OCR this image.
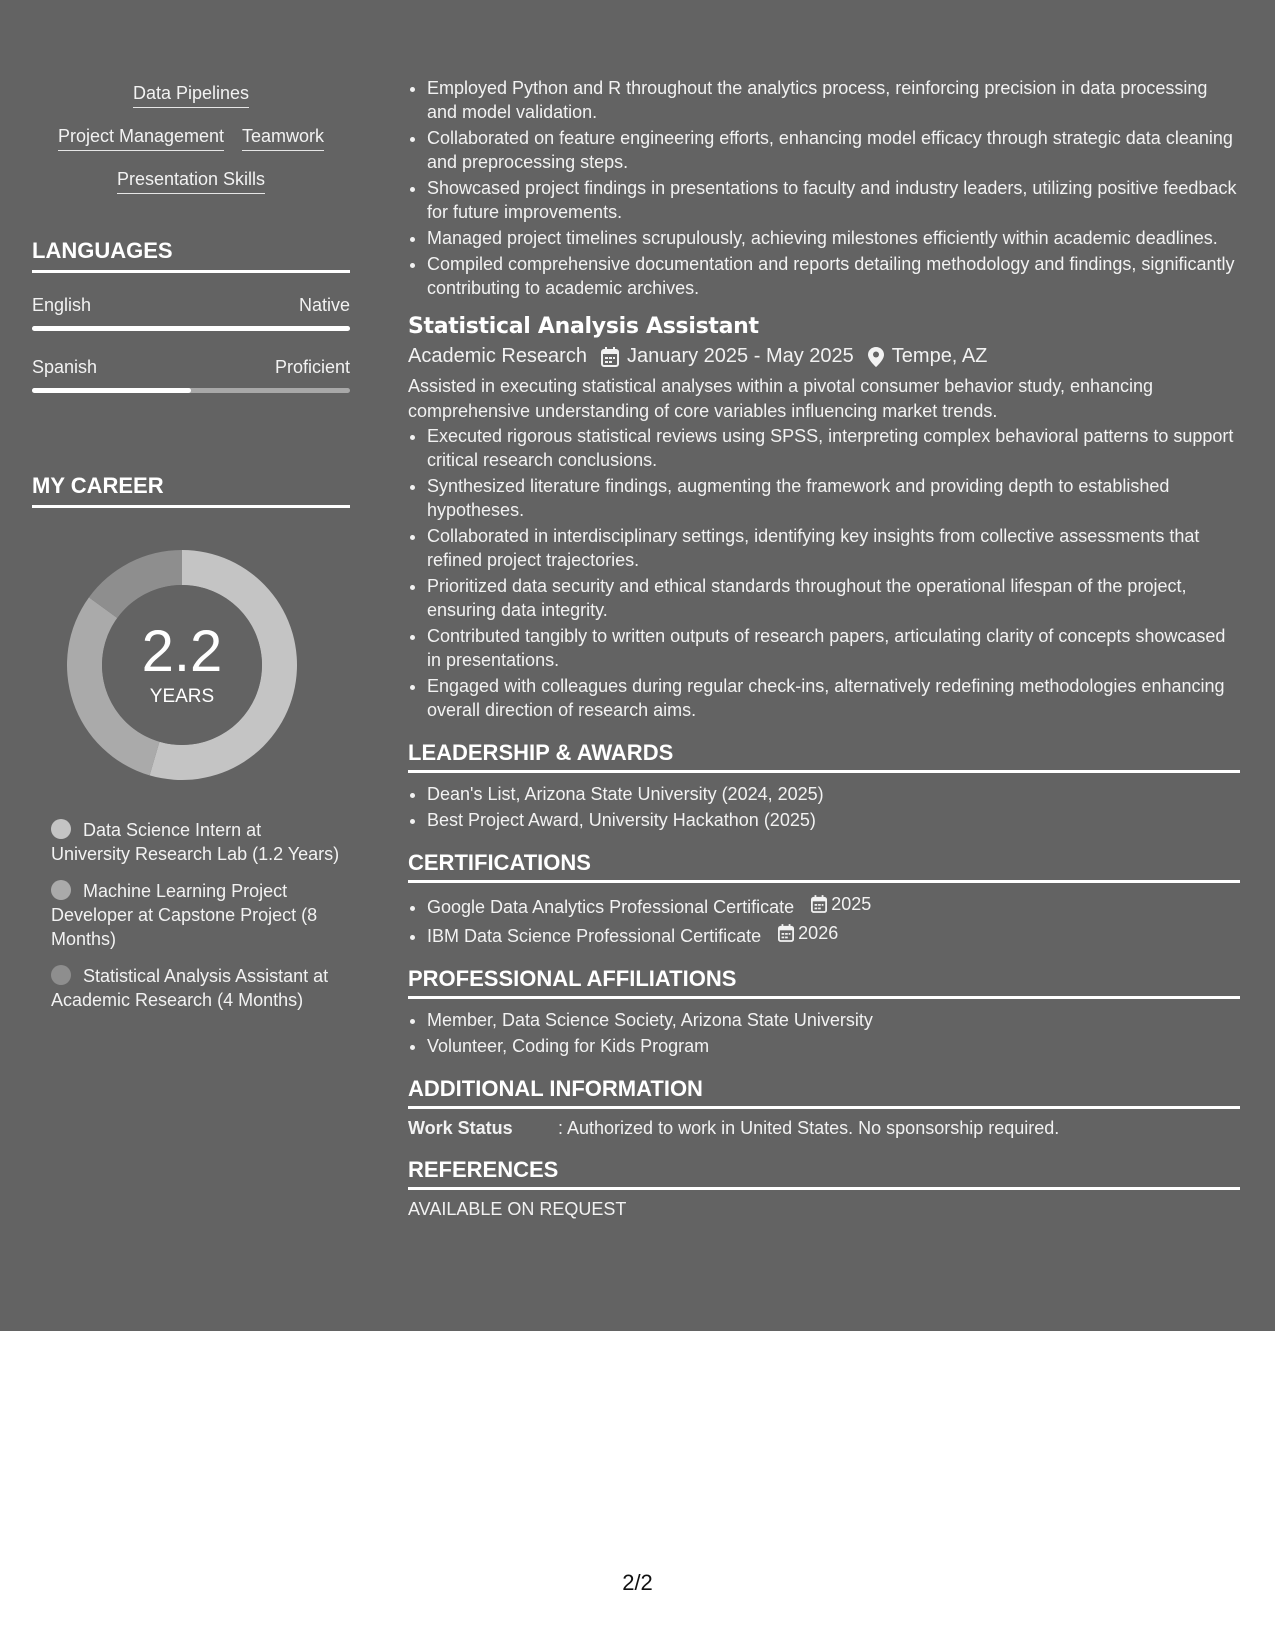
Data Pipelines
Project Management Teamwork
Presentation Skills
LANGUAGES
English	Native
Spanish	Proficient
MY CAREER
2.2
YEARS
Data Science Intern at University Research Lab (1.2 Years)
Machine Learning Project Developer at Capstone Project (8 Months)
Statistical Analysis Assistant at Academic Research (4 Months)
• Employed Python and R throughout the analytics process, reinforcing precision in data processing and model validation.
• Collaborated on feature engineering efforts, enhancing model efficacy through strategic data cleaning and preprocessing steps.
• Showcased project findings in presentations to faculty and industry leaders, utilizing positive feedback for future improvements.
• Managed project timelines scrupulously, achieving milestones efficiently within academic deadlines.
• Compiled comprehensive documentation and reports detailing methodology and findings, significantly contributing to academic archives.
Statistical Analysis Assistant
Academic Research January 2025 - May 2025 Tempe, AZ
Assisted in executing statistical analyses within a pivotal consumer behavior study, enhancing comprehensive understanding of core variables influencing market trends.
• Executed rigorous statistical reviews using SPSS, interpreting complex behavioral patterns to support critical research conclusions.
• Synthesized literature findings, augmenting the framework and providing depth to established hypotheses.
• Collaborated in interdisciplinary settings, identifying key insights from collective assessments that refined project trajectories.
• Prioritized data security and ethical standards throughout the operational lifespan of the project, ensuring data integrity.
• Contributed tangibly to written outputs of research papers, articulating clarity of concepts showcased in presentations.
• Engaged with colleagues during regular check-ins, alternatively redefining methodologies enhancing overall direction of research aims.
LEADERSHIP & AWARDS
• Dean's List, Arizona State University (2024, 2025)
• Best Project Award, University Hackathon (2025)
CERTIFICATIONS
• Google Data Analytics Professional Certificate 2025
• IBM Data Science Professional Certificate 2026
PROFESSIONAL AFFILIATIONS
• Member, Data Science Society, Arizona State University
• Volunteer, Coding for Kids Program
ADDITIONAL INFORMATION
Work Status	: Authorized to work in United States. No sponsorship required.
REFERENCES
AVAILABLE ON REQUEST
2/2
